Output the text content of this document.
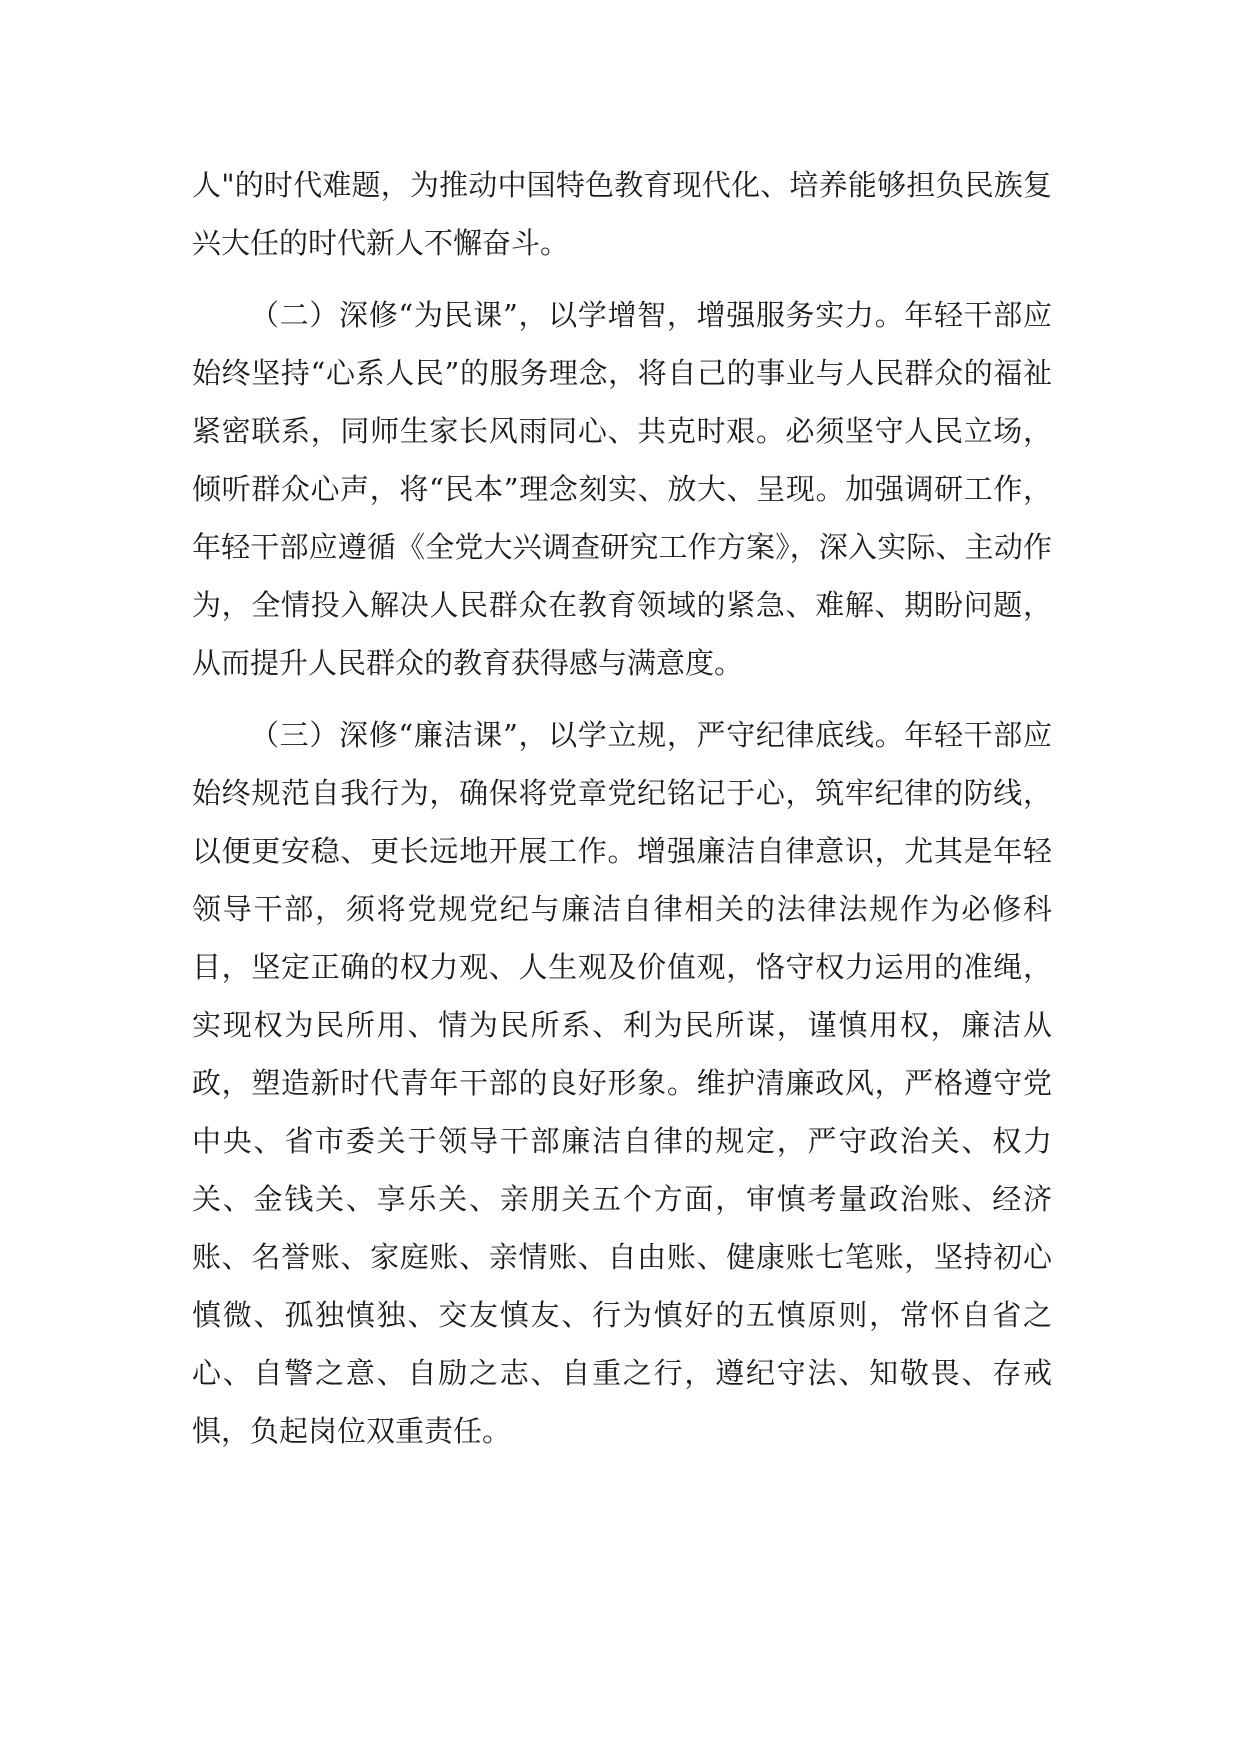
人"的时代难题，为推动中国特色教育现代化、培养能够担负民族复兴大任的时代新人不懈奋斗。

（二）深修“为民课”，以学增智，增强服务实力。年轻干部应始终坚持“心系人民”的服务理念，将自己的事业与人民群众的福祉紧密联系，同师生家长风雨同心、共克时艰。必须坚守人民立场，倾听群众心声，将“民本”理念刻实、放大、呈现。加强调研工作，年轻干部应遵循《全党大兴调查研究工作方案》，深入实际、主动作为，全情投入解决人民群众在教育领域的紧急、难解、期盼问题，从而提升人民群众的教育获得感与满意度。

（三）深修“廉洁课”，以学立规，严守纪律底线。年轻干部应始终规范自我行为，确保将党章党纪铭记于心，筑牢纪律的防线，以便更安稳、更长远地开展工作。增强廉洁自律意识，尤其是年轻领导干部，须将党规党纪与廉洁自律相关的法律法规作为必修科目，坚定正确的权力观、人生观及价值观，恪守权力运用的准绳，实现权为民所用、情为民所系、利为民所谋，谨慎用权，廉洁从政，塑造新时代青年干部的良好形象。维护清廉政风，严格遵守党中央、省市委关于领导干部廉洁自律的规定，严守政治关、权力关、金钱关、享乐关、亲朋关五个方面，审慎考量政治账、经济账、名誉账、家庭账、亲情账、自由账、健康账七笔账，坚持初心慎微、孤独慎独、交友慎友、行为慎好的五慎原则，常怀自省之心、自警之意、自励之志、自重之行，遵纪守法、知敬畏、存戒惧，负起岗位双重责任。
